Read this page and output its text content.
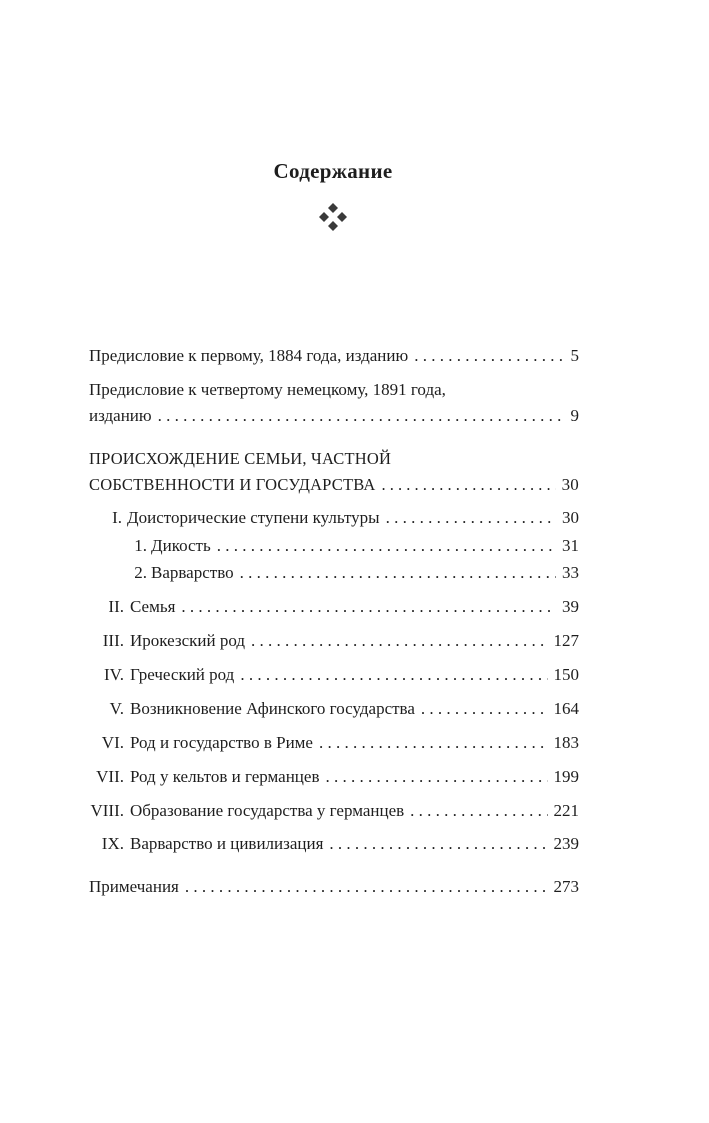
Содержание
Предисловие к первому, 1884 года, изданию . . .	5
Предисловие к четвертому немецкому, 1891 года,
изданию . . .	9
ПРОИСХОЖДЕНИЕ СЕМЬИ, ЧАСТНОЙ
СОБСТВЕННОСТИ И ГОСУДАРСТВА . . .	30
I. Доисторические ступени культуры . . .	30
1. Дикость . . .	31
2. Варварство . . .	33
II. Семья . . .	39
III. Ирокезский род . . .	127
IV. Греческий род . . .	150
V. Возникновение Афинского государства . . .	164
VI. Род и государство в Риме . . .	183
VII. Род у кельтов и германцев . . .	199
VIII. Образование государства у германцев . . .	221
IX. Варварство и цивилизация . . .	239
Примечания . . .	273
